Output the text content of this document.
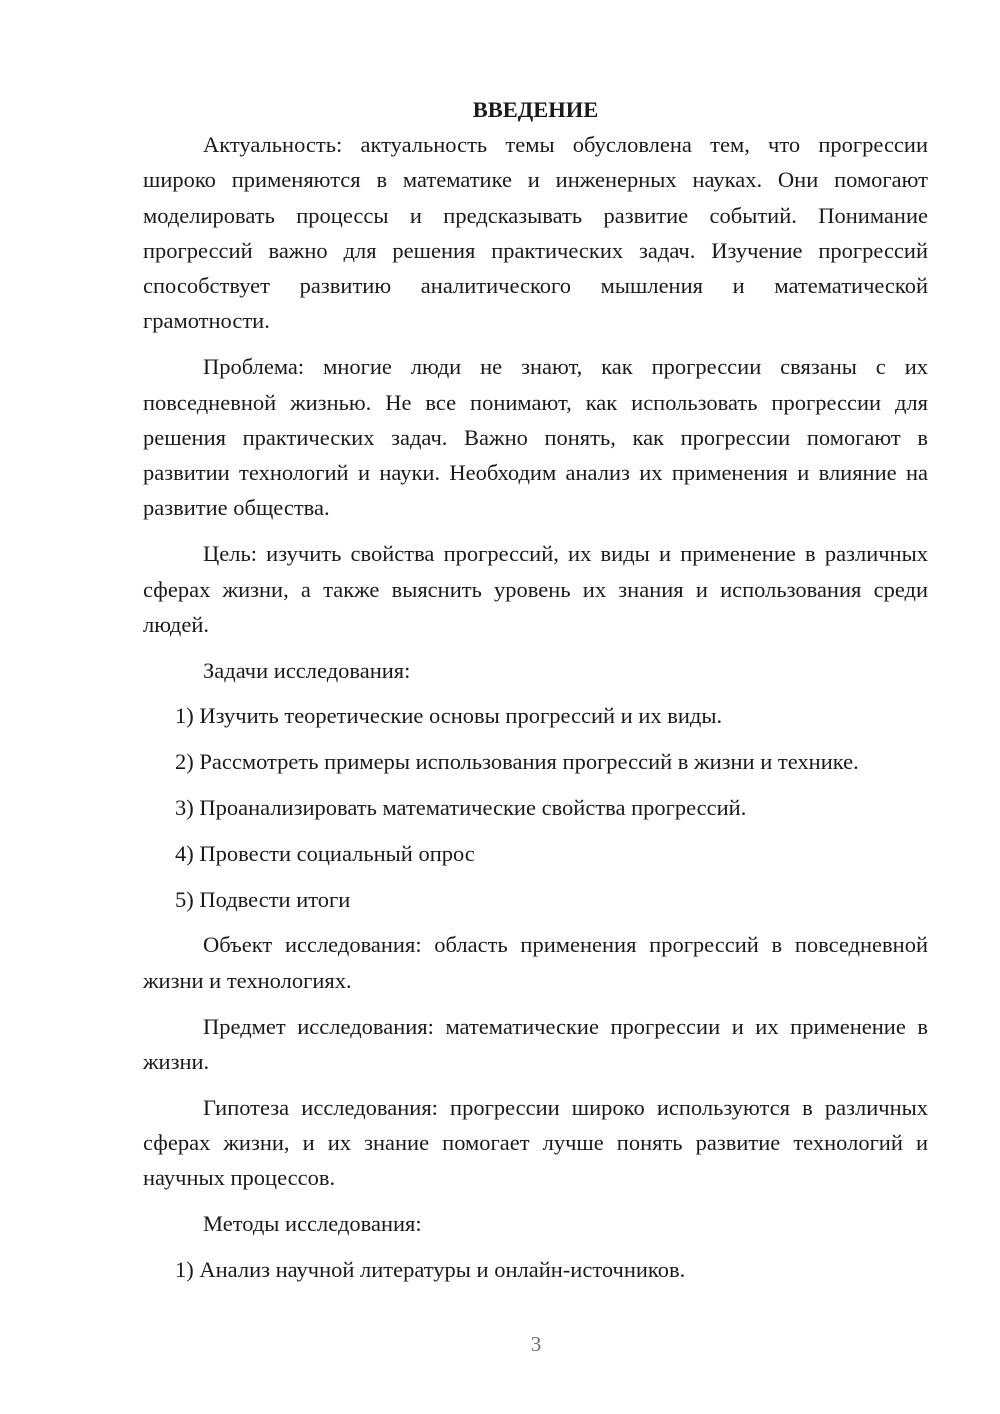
ВВЕДЕНИЕ

Актуальность: актуальность темы обусловлена тем, что прогрессии широко применяются в математике и инженерных науках. Они помогают моделировать процессы и предсказывать развитие событий. Понимание прогрессий важно для решения практических задач. Изучение прогрессий способствует развитию аналитического мышления и математической грамотности.

Проблема: многие люди не знают, как прогрессии связаны с их повседневной жизнью. Не все понимают, как использовать прогрессии для решения практических задач. Важно понять, как прогрессии помогают в развитии технологий и науки. Необходим анализ их применения и влияние на развитие общества.

Цель: изучить свойства прогрессий, их виды и применение в различных сферах жизни, а также выяснить уровень их знания и использования среди людей.

Задачи исследования:

1) Изучить теоретические основы прогрессий и их виды.
2) Рассмотреть примеры использования прогрессий в жизни и технике.
3) Проанализировать математические свойства прогрессий.
4) Провести социальный опрос
5) Подвести итоги

Объект исследования: область применения прогрессий в повседневной жизни и технологиях.

Предмет исследования: математические прогрессии и их применение в жизни.

Гипотеза исследования: прогрессии широко используются в различных сферах жизни, и их знание помогает лучше понять развитие технологий и научных процессов.

Методы исследования:

1) Анализ научной литературы и онлайн-источников.
3
